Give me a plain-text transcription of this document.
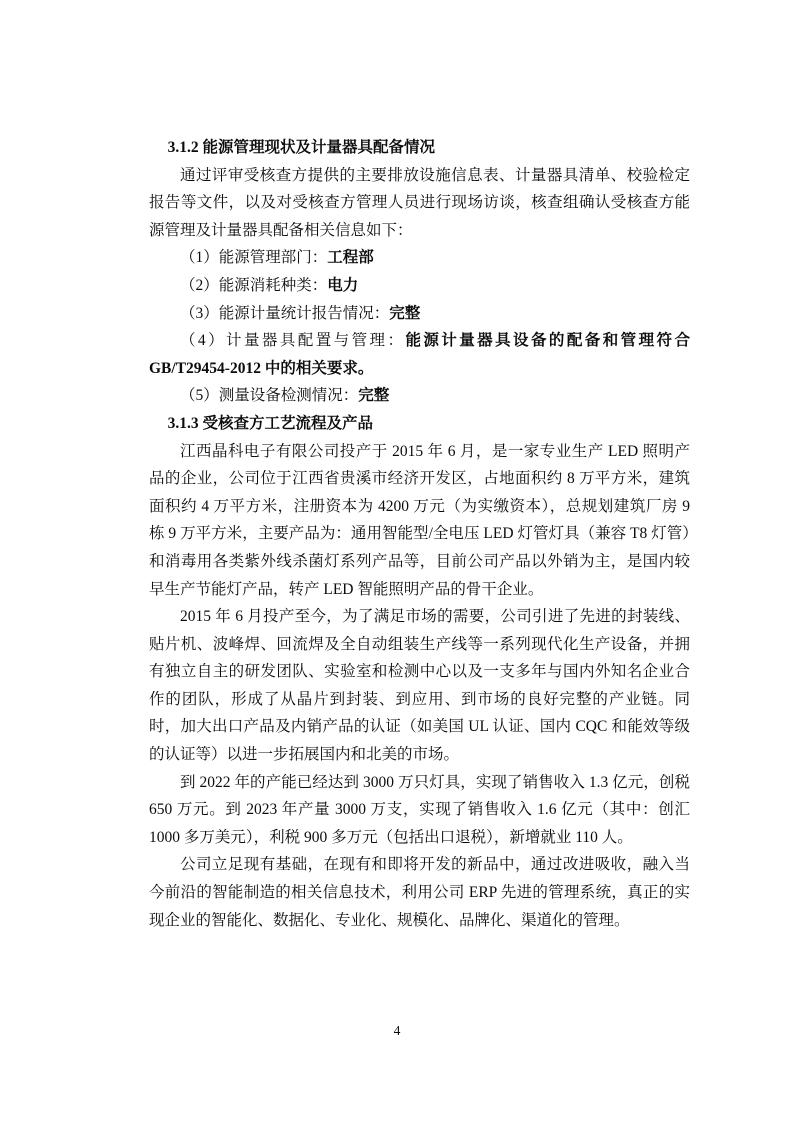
3.1.2 能源管理现状及计量器具配备情况

通过评审受核查方提供的主要排放设施信息表、计量器具清单、校验检定报告等文件，以及对受核查方管理人员进行现场访谈，核查组确认受核查方能源管理及计量器具配备相关信息如下：

（1）能源管理部门：工程部

（2）能源消耗种类：电力

（3）能源计量统计报告情况：完整

（4）计量器具配置与管理：能源计量器具设备的配备和管理符合 GB/T29454-2012 中的相关要求。

（5）测量设备检测情况：完整

3.1.3 受核查方工艺流程及产品

江西晶科电子有限公司投产于 2015 年 6 月，是一家专业生产 LED 照明产品的企业，公司位于江西省贵溪市经济开发区，占地面积约 8 万平方米，建筑面积约 4 万平方米，注册资本为 4200 万元（为实缴资本），总规划建筑厂房 9 栋 9 万平方米，主要产品为：通用智能型/全电压 LED 灯管灯具（兼容 T8 灯管）和消毒用各类紫外线杀菌灯系列产品等，目前公司产品以外销为主，是国内较早生产节能灯产品，转产 LED 智能照明产品的骨干企业。

2015 年 6 月投产至今，为了满足市场的需要，公司引进了先进的封装线、贴片机、波峰焊、回流焊及全自动组装生产线等一系列现代化生产设备，并拥有独立自主的研发团队、实验室和检测中心以及一支多年与国内外知名企业合作的团队，形成了从晶片到封装、到应用、到市场的良好完整的产业链。同时，加大出口产品及内销产品的认证（如美国 UL 认证、国内 CQC 和能效等级的认证等）以进一步拓展国内和北美的市场。

到 2022 年的产能已经达到 3000 万只灯具，实现了销售收入 1.3 亿元，创税 650 万元。到 2023 年产量 3000 万支，实现了销售收入 1.6 亿元（其中：创汇 1000 多万美元），利税 900 多万元（包括出口退税），新增就业 110 人。

公司立足现有基础，在现有和即将开发的新品中，通过改进吸收，融入当今前沿的智能制造的相关信息技术，利用公司 ERP 先进的管理系统，真正的实现企业的智能化、数据化、专业化、规模化、品牌化、渠道化的管理。

4
